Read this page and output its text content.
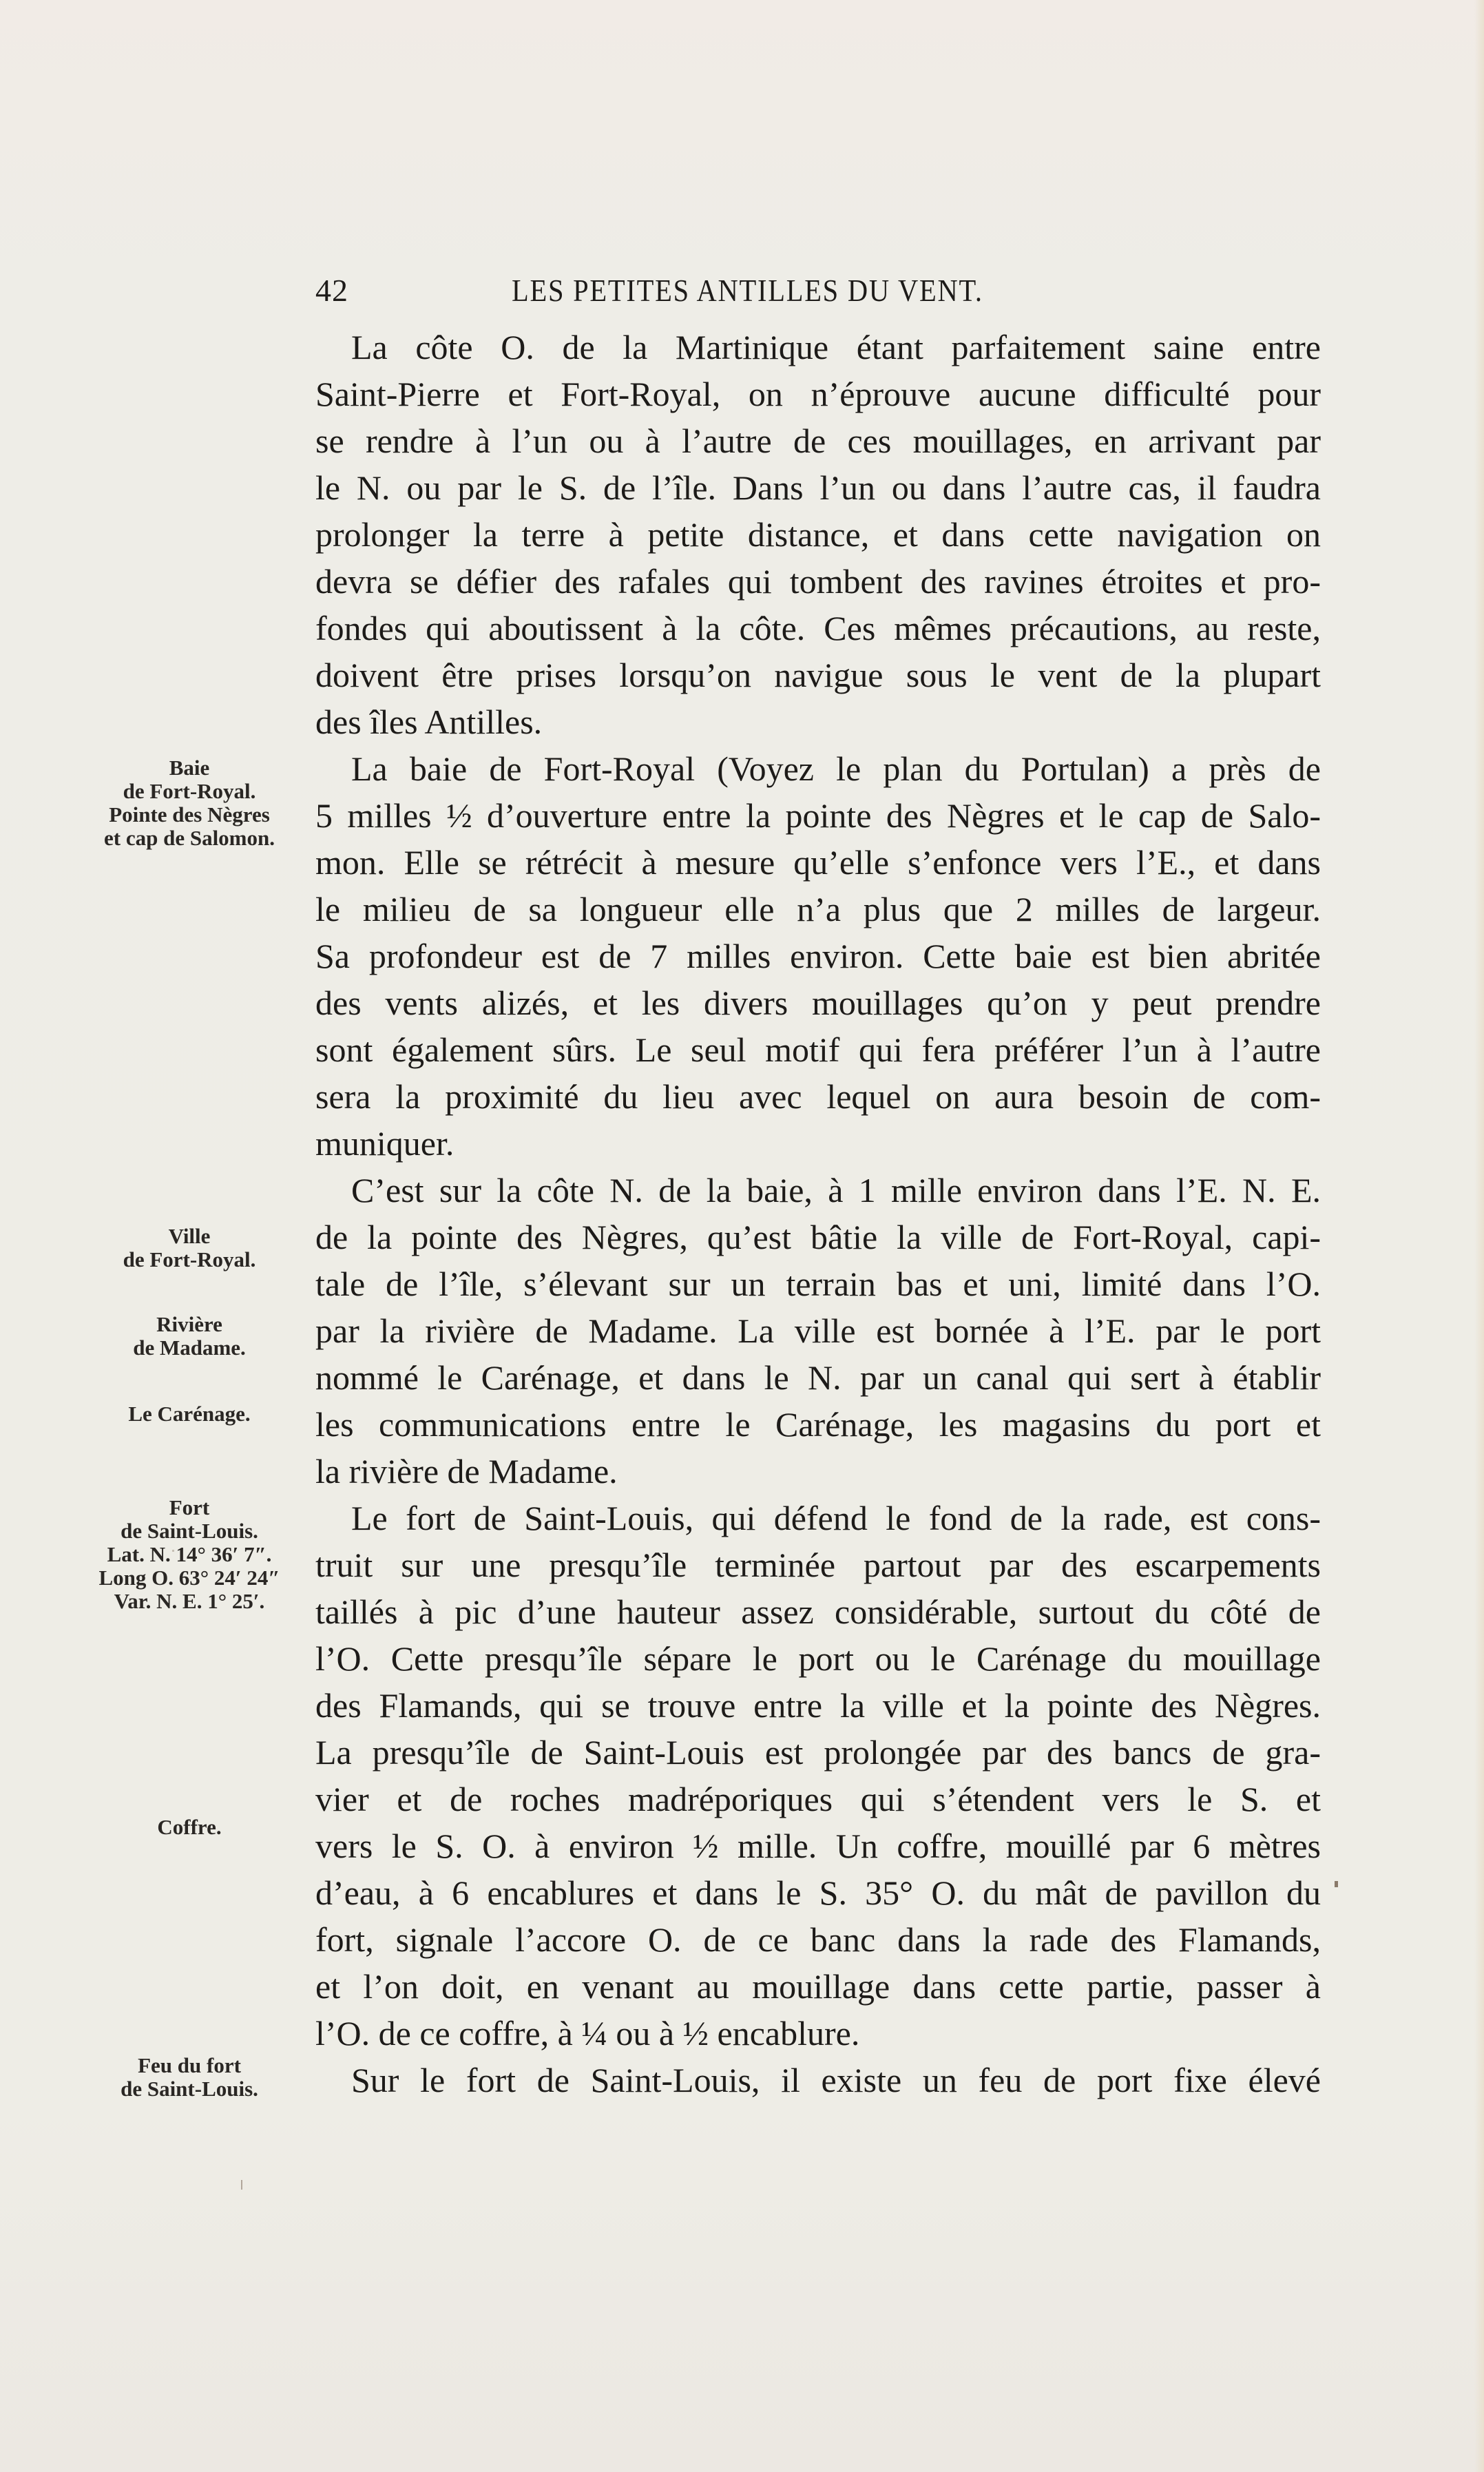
42	LES PETITES ANTILLES DU VENT.
Baie
de Fort-Royal.
Pointe des Nègres
et cap de Salomon.
Ville
de Fort-Royal.
Rivière
de Madame.
Le Carénage.
Fort
de Saint-Louis.
Lat. N. 14° 36′ 7″.
Long O. 63° 24′ 24″
Var. N. E. 1° 25′.
Coffre.
Feu du fort
de Saint-Louis.
La côte O. de la Martinique étant parfaitement saine entre
Saint-Pierre et Fort-Royal, on n’éprouve aucune difficulté pour
se rendre à l’un ou à l’autre de ces mouillages, en arrivant par
le N. ou par le S. de l’île. Dans l’un ou dans l’autre cas, il faudra
prolonger la terre à petite distance, et dans cette navigation on
devra se défier des rafales qui tombent des ravines étroites et pro-
fondes qui aboutissent à la côte. Ces mêmes précautions, au reste,
doivent être prises lorsqu’on navigue sous le vent de la plupart
des îles Antilles.
La baie de Fort-Royal (Voyez le plan du Portulan) a près de
5 milles ½ d’ouverture entre la pointe des Nègres et le cap de Salo-
mon. Elle se rétrécit à mesure qu’elle s’enfonce vers l’E., et dans
le milieu de sa longueur elle n’a plus que 2 milles de largeur.
Sa profondeur est de 7 milles environ. Cette baie est bien abritée
des vents alizés, et les divers mouillages qu’on y peut prendre
sont également sûrs. Le seul motif qui fera préférer l’un à l’autre
sera la proximité du lieu avec lequel on aura besoin de com-
muniquer.
C’est sur la côte N. de la baie, à 1 mille environ dans l’E. N. E.
de la pointe des Nègres, qu’est bâtie la ville de Fort-Royal, capi-
tale de l’île, s’élevant sur un terrain bas et uni, limité dans l’O.
par la rivière de Madame. La ville est bornée à l’E. par le port
nommé le Carénage, et dans le N. par un canal qui sert à établir
les communications entre le Carénage, les magasins du port et
la rivière de Madame.
Le fort de Saint-Louis, qui défend le fond de la rade, est cons-
truit sur une presqu’île terminée partout par des escarpements
taillés à pic d’une hauteur assez considérable, surtout du côté de
l’O. Cette presqu’île sépare le port ou le Carénage du mouillage
des Flamands, qui se trouve entre la ville et la pointe des Nègres.
La presqu’île de Saint-Louis est prolongée par des bancs de gra-
vier et de roches madréporiques qui s’étendent vers le S. et
vers le S. O. à environ ½ mille. Un coffre, mouillé par 6 mètres
d’eau, à 6 encablures et dans le S. 35° O. du mât de pavillon du
fort, signale l’accore O. de ce banc dans la rade des Flamands,
et l’on doit, en venant au mouillage dans cette partie, passer à
l’O. de ce coffre, à ¼ ou à ½ encablure.
Sur le fort de Saint-Louis, il existe un feu de port fixe élevé
